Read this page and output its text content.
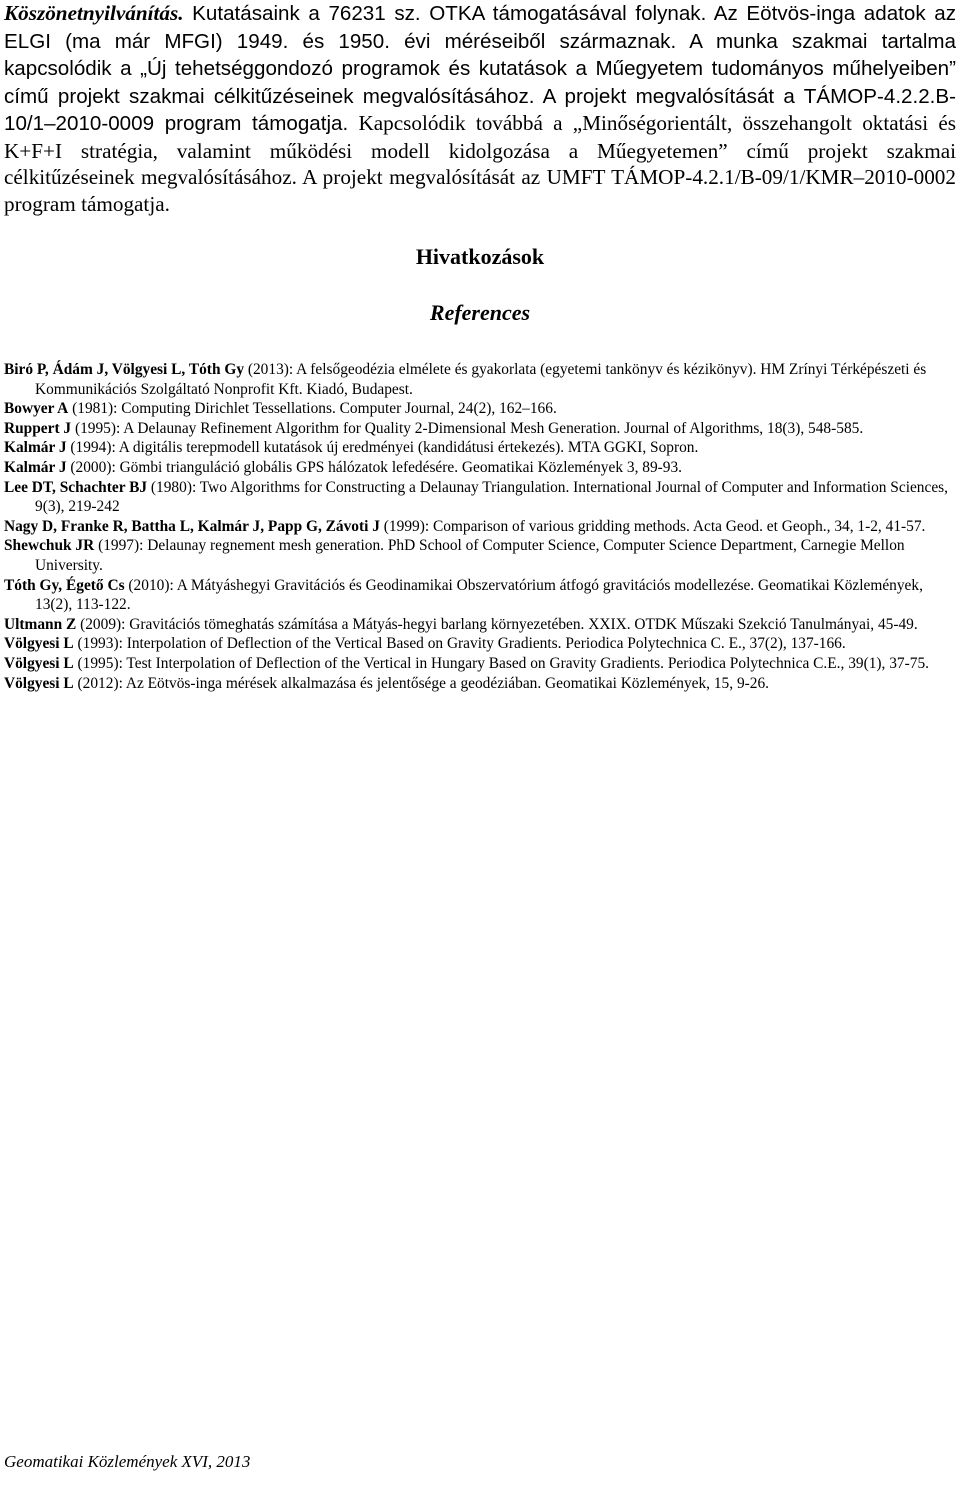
Köszönetnyilvánítás. Kutatásaink a 76231 sz. OTKA támogatásával folynak. Az Eötvös-inga adatok az ELGI (ma már MFGI) 1949. és 1950. évi méréseiből származnak. A munka szakmai tartalma kapcsolódik a „Új tehetséggondozó programok és kutatások a Műegyetem tudományos műhelyeiben” című projekt szakmai célkitűzéseinek megvalósításához. A projekt megvalósítását a TÁMOP-4.2.2.B-10/1–2010-0009 program támogatja. Kapcsolódik továbbá a „Minőségorientált, összehangolt oktatási és K+F+I stratégia, valamint működési modell kidolgozása a Műegyetemen” című projekt szakmai célkitűzéseinek megvalósításához. A projekt megvalósítását az UMFT TÁMOP-4.2.1/B-09/1/KMR–2010-0002 program támogatja.

Hivatkozások
References
Biró P, Ádám J, Völgyesi L, Tóth Gy (2013): A felsőgeodézia elmélete és gyakorlata (egyetemi tankönyv és kézikönyv). HM Zrínyi Térképészeti és Kommunikációs Szolgáltató Nonprofit Kft. Kiadó, Budapest.
Bowyer A (1981): Computing Dirichlet Tessellations. Computer Journal, 24(2), 162–166.
Ruppert J (1995): A Delaunay Refinement Algorithm for Quality 2-Dimensional Mesh Generation. Journal of Algorithms, 18(3), 548-585.
Kalmár J (1994): A digitális terepmodell kutatások új eredményei (kandidátusi értekezés). MTA GGKI, Sopron.
Kalmár J (2000): Gömbi trianguláció globális GPS hálózatok lefedésére. Geomatikai Közlemények 3, 89-93.
Lee DT, Schachter BJ (1980): Two Algorithms for Constructing a Delaunay Triangulation. International Journal of Computer and Information Sciences, 9(3), 219-242
Nagy D, Franke R, Battha L, Kalmár J, Papp G, Závoti J (1999): Comparison of various gridding methods. Acta Geod. et Geoph., 34, 1-2, 41-57.
Shewchuk JR (1997): Delaunay regnement mesh generation. PhD School of Computer Science, Computer Science Department, Carnegie Mellon University.
Tóth Gy, Égető Cs (2010): A Mátyáshegyi Gravitációs és Geodinamikai Obszervatórium átfogó gravitációs modellezése. Geomatikai Közlemények, 13(2), 113-122.
Ultmann Z (2009): Gravitációs tömeghatás számítása a Mátyás-hegyi barlang környezetében. XXIX. OTDK Műszaki Szekció Tanulmányai, 45-49.
Völgyesi L (1993): Interpolation of Deflection of the Vertical Based on Gravity Gradients. Periodica Polytechnica C. E., 37(2), 137-166.
Völgyesi L (1995): Test Interpolation of Deflection of the Vertical in Hungary Based on Gravity Gradients. Periodica Polytechnica C.E., 39(1), 37-75.
Völgyesi L (2012): Az Eötvös-inga mérések alkalmazása és jelentősége a geodéziában. Geomatikai Közlemények, 15, 9-26.

Geomatikai Közlemények XVI, 2013
